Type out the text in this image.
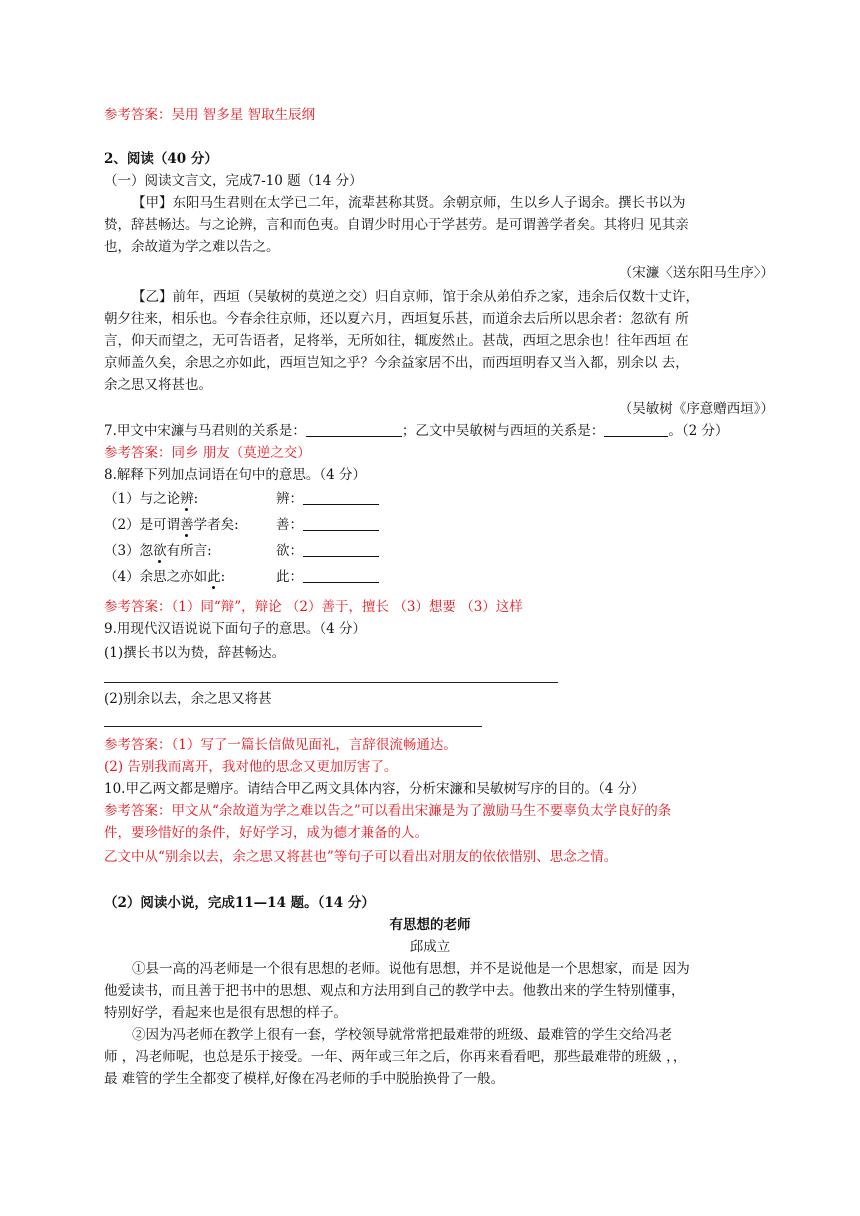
参考答案：吴用 智多星 智取生辰纲
2、阅读（40 分）
（一）阅读文言文，完成7-10 题（14 分）
【甲】东阳马生君则在太学已二年，流辈甚称其贤。余朝京师，生以乡人子谒余。撰长书以为
贽，辞甚畅达。与之论辨，言和而色夷。自谓少时用心于学甚劳。是可谓善学者矣。其将归 见其亲
也，余故道为学之难以告之。
（宋濂〈送东阳马生序〉）
【乙】前年，西垣（吴敏树的莫逆之交）归自京师，馆于余从弟伯乔之家，违余后仅数十丈许，
朝夕往来，相乐也。今春余往京师，还以夏六月，西垣复乐甚，而道余去后所以思余者：忽欲有 所
言，仰天而望之，无可告语者，足将举，无所如往，辄废然止。甚哉，西垣之思余也！往年西垣 在
京师盖久矣，余思之亦如此，西垣岂知之乎？今余益家居不出，而西垣明春又当入都，别余以 去，
余之思又将甚也。
（吴敏树《序意赠西垣》）
7.甲文中宋濂与马君则的关系是：	；乙文中吴敏树与西垣的关系是：	。（2 分）
参考答案：同乡 朋友（莫逆之交）
8.解释下列加点词语在句中的意思。（4 分）
（1）与之论辨:	辨：
（2）是可谓善学者矣:	善：
（3）忽欲有所言:	欲：
（4）余思之亦如此:	此：
参考答案：（1）同“辩”，辩论 （2）善于，擅长 （3）想要 （3）这样
9.用现代汉语说说下面句子的意思。（4 分）
(1)撰长书以为贽，辞甚畅达。
(2)别余以去，余之思又将甚
参考答案：（1）写了一篇长信做见面礼，言辞很流畅通达。
(2) 告别我而离开，我对他的思念又更加厉害了。
10.甲乙两文都是赠序。请结合甲乙两文具体内容，分析宋濂和吴敏树写序的目的。（4 分）
参考答案：甲文从“余故道为学之难以告之”可以看出宋濂是为了激励马生不要辜负太学良好的条
件，要珍惜好的条件，好好学习，成为德才兼备的人。
乙文中从“别余以去，余之思又将甚也”等句子可以看出对朋友的依依惜别、思念之情。
（2）阅读小说，完成11—14 题。（14 分）
有思想的老师
邱成立
①县一高的冯老师是一个很有思想的老师。说他有思想，并不是说他是一个思想家，而是 因为
他爱读书，而且善于把书中的思想、观点和方法用到自己的教学中去。他教出来的学生特别懂事，
特别好学，看起来也是很有思想的样子。
②因为冯老师在教学上很有一套，学校领导就常常把最难带的班级、最难管的学生交给冯老
师 ，冯老师呢，也总是乐于接受。一年、两年或三年之后，你再来看看吧，那些最难带的班級 ，，
最 难管的学生全都变了模样,好像在冯老师的手中脱胎换骨了一般。
